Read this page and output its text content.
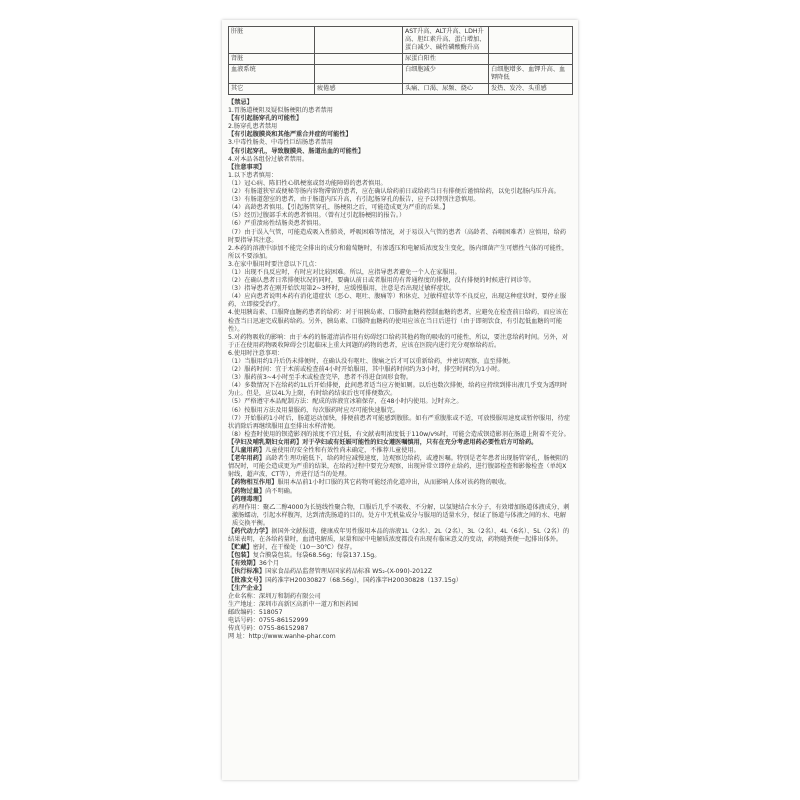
肝脏		AST升高、ALT升高、LDH升高、胆红素升高、蛋白增加、蛋白减少、碱性磷酸酶升高	
肾脏		尿蛋白阳性	
血液系统		白细胞减少	白细胞增多、血钾升高、血钾降低
其它	疲倦感	头痛、口渴、尿频、烧心	发热、发冷、头重感

【禁忌】

1.胃肠道梗阻及疑似肠梗阻的患者禁用

【有引起肠穿孔的可能性】

2.肠穿孔患者禁用

【有引起腹膜炎和其他严重合并症的可能性】

3.中毒性肠炎、中毒性巨结肠患者禁用

【有引起穿孔，导致腹膜炎、肠道出血的可能性】

4.对本品各组份过敏者禁用。

【注意事项】

1.以下患者慎用：

（1）冠心病、陈旧性心肌梗塞或肾功能障碍的患者慎用。

（2）有肠道狭窄或便秘等肠内容物滞留的患者，应在确认给药前日或给药当日有排便后谨慎给药，以免引起肠内压升高。

（3）有肠道憩室的患者，由于肠道内压升高，有引起肠穿孔的报告，应予以特别注意慎用。

（4）高龄患者慎用。【引起肠管穿孔，肠梗阻之后，可能造成更为严重的后果。】

（5）经历过腹部手术的患者慎用。（曾有过引起肠梗阻的报告。）

（6）严重溃疡性结肠炎患者慎用。

（7）由于误入气管，可能造成吸入性肺炎，呼吸困难等情况，对于易误入气管的患者（高龄者、吞咽困难者）应慎用，给药时要指导其注意。

2.本药的溶液中添加不能完全排出的成分和葡萄糖时，有渗透压和电解质浓度发生变化，肠内细菌产生可燃性气体的可能性，所以不要添加。

3.在家中服用时要注意以下几点：

（1）出现不良反应时，有时应对比较困难。所以，应指导患者避免一个人在家服用。

（2）在确认患者日常排便状况的同时，要确认前日或者服用的有普通程度的排便，没有排便的时候进行问诊等。

（3）指导患者在刚开始饮用第2~3杯时，应缓慢服用，注意是否出现过敏样症状。

（4）应向患者说明本药有消化道症状（恶心、呕吐、腹痛等）和休克、过敏样症状等不良反应，出现这种症状时，要停止服药，立即接受治疗。

4.使用胰岛素、口服降血糖药患者的给药：对于用胰岛素、口服降血糖药控制血糖的患者，应避免在检查前日给药，而应该在检查当日迅速完成服药给药。另外，胰岛素、口服降血糖药的使用应该在当日后进行（由于即刻饮食，有引起低血糖的可能性）。

5.对药物吸收的影响：由于本药的肠道清洁作用有妨碍经口给药其他药物的吸收的可能性，所以，要注意给药时间。另外，对于正在使用药物吸收障碍会引起临床上重大问题的药物的患者，应该在医院内进行充分观察给药后。

6.使用时注意事项：

（1）当服用约1升后仍未排便时，在确认没有呕吐、腹痛之后才可以重新给药，并密切观察，直至排便。

（2）服药时间：宜于术前或检查前4小时开始服用，其中服药时间约为3小时，排空时间约为1小时。

（3）服药前3~4小时至手术或检查完毕，患者不得进食固形食物。

（4）多数情况下在给药约1L后开始排便，此间患者适当应方便如厕。以后也数次排便，给药应持续到排出液几乎变为透明时为止。但是，应以4L为上限，有时给药结束后也可排便数次。

（5）严格遵守本品配制方法：配成的溶液宜冰箱保存，在48小时内使用。过时弃之。

（6）按服用方法及用量服药，每次服药时应尽可能快速服完。

（7）开始服药1小时后，肠道运动加快，排便前患者可能感到腹胀。如有严重腹胀或不适，可放慢服用速度或暂停服用，待症状消除后再继续服用直至排出水样清便。

（8）检查时使用的钡造影剂的浓度不宜过低，有文献表明浓度低于110w/v%时，可能会造成钡造影剂在肠道上附着不充分。

【孕妇及哺乳期妇女用药】对于孕妇或有妊娠可能性的妇女遵医嘱慎用，只有在充分考虑用药必要性后方可给药。

【儿童用药】儿童使用的安全性和有效性尚未确定，不推荐儿童使用。

【老年用药】高龄者生理功能低下，给药时应减慢速度，边观察边给药，或遵医嘱。特别是老年患者出现肠管穿孔，肠梗阻的情况时，可能会造成更为严重的结果，在给药过程中要充分观察，出现异常立即停止给药，进行腹部检查和影像检查（单纯X射线，超声波，CT等），并进行适当的处理。

【药物相互作用】服用本品前1小时口服的其它药物可能经消化道冲出，从而影响人体对该药物的吸收。

【药物过量】尚不明确。

【药理毒理】

药理作用：聚乙二醇4000为长链线性聚合物，口服后几乎不吸收、不分解，以氢键结合水分子，有效增加肠道体液成分，刺激肠蠕动，引起水样腹泻，达到清洗肠道的目的。处方中无机盐成分与服用的适量水分，保证了肠道与体液之间的水、电解质交换平衡。

【药代动力学】据国外文献报道，健康成年男性服用本品的溶液1L（2名）、2L（2名）、3L（2名）、4L（6名）、5L（2名）的结果表明，在各给药量时，血清电解质，尿量和尿中电解质浓度都没有出现有临床意义的变动，药物随粪便一起排出体外。

【贮藏】密封，在干燥处（10～30℃）保存。

【包装】复合膜袋包装。每袋68.56g；每袋137.15g。

【有效期】36个月

【执行标准】国家食品药品监督管理局国家药品标准 WS₂-(X-090)-2012Z

【批准文号】国药准字H20030827（68.56g），国药准字H20030828（137.15g）

【生产企业】

企业名称：深圳万和制药有限公司

生产地址：深圳市高新区高新中一道万和医药园

邮政编码：518057

电话号码：0755-86152999

传真号码：0755-86152987

网 址：http://www.wanhe-phar.com
